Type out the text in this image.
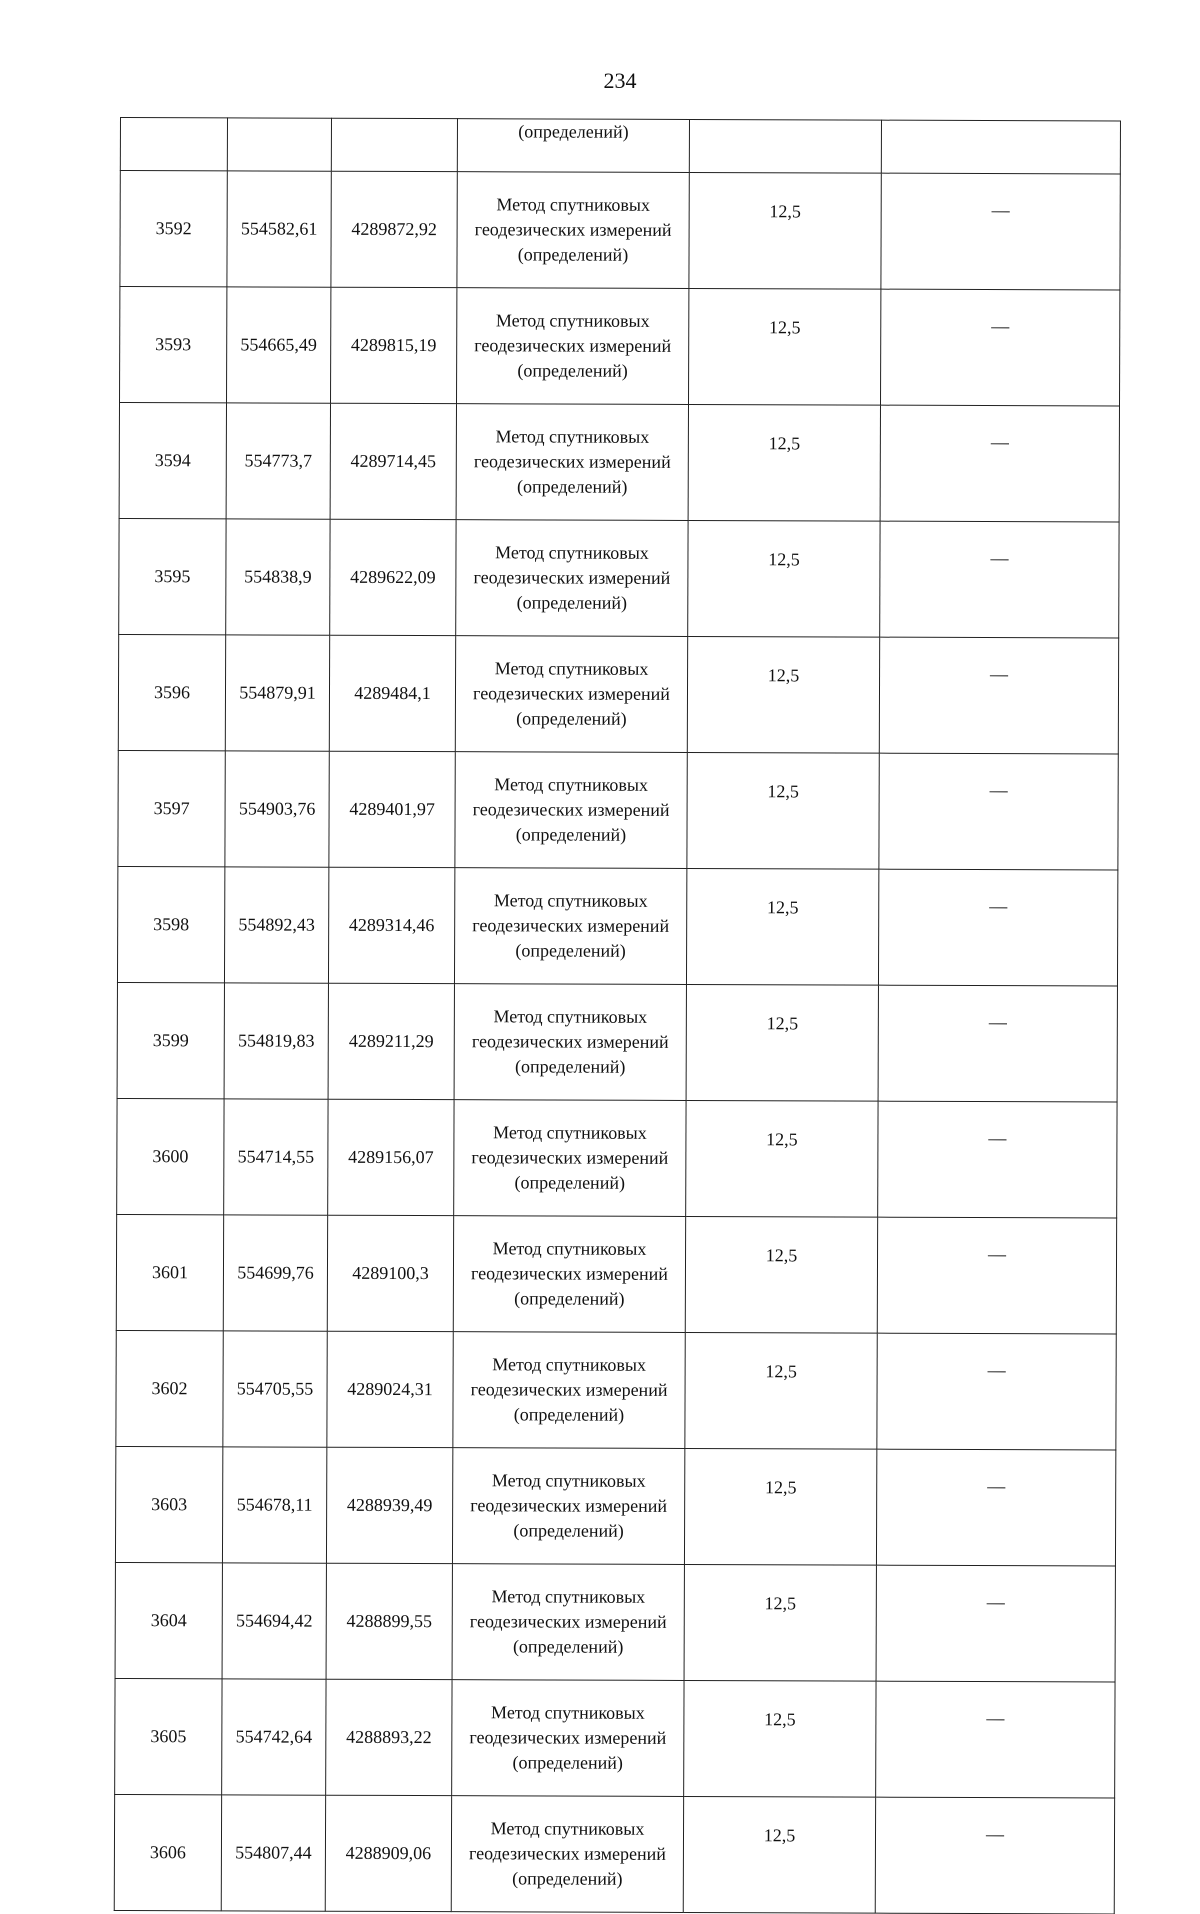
234
			(определений)		
3592	554582,61	4289872,92	Метод спутниковых
геодезических измерений
(определений)	12,5	—
3593	554665,49	4289815,19	Метод спутниковых
геодезических измерений
(определений)	12,5	—
3594	554773,7	4289714,45	Метод спутниковых
геодезических измерений
(определений)	12,5	—
3595	554838,9	4289622,09	Метод спутниковых
геодезических измерений
(определений)	12,5	—
3596	554879,91	4289484,1	Метод спутниковых
геодезических измерений
(определений)	12,5	—
3597	554903,76	4289401,97	Метод спутниковых
геодезических измерений
(определений)	12,5	—
3598	554892,43	4289314,46	Метод спутниковых
геодезических измерений
(определений)	12,5	—
3599	554819,83	4289211,29	Метод спутниковых
геодезических измерений
(определений)	12,5	—
3600	554714,55	4289156,07	Метод спутниковых
геодезических измерений
(определений)	12,5	—
3601	554699,76	4289100,3	Метод спутниковых
геодезических измерений
(определений)	12,5	—
3602	554705,55	4289024,31	Метод спутниковых
геодезических измерений
(определений)	12,5	—
3603	554678,11	4288939,49	Метод спутниковых
геодезических измерений
(определений)	12,5	—
3604	554694,42	4288899,55	Метод спутниковых
геодезических измерений
(определений)	12,5	—
3605	554742,64	4288893,22	Метод спутниковых
геодезических измерений
(определений)	12,5	—
3606	554807,44	4288909,06	Метод спутниковых
геодезических измерений
(определений)	12,5	—
